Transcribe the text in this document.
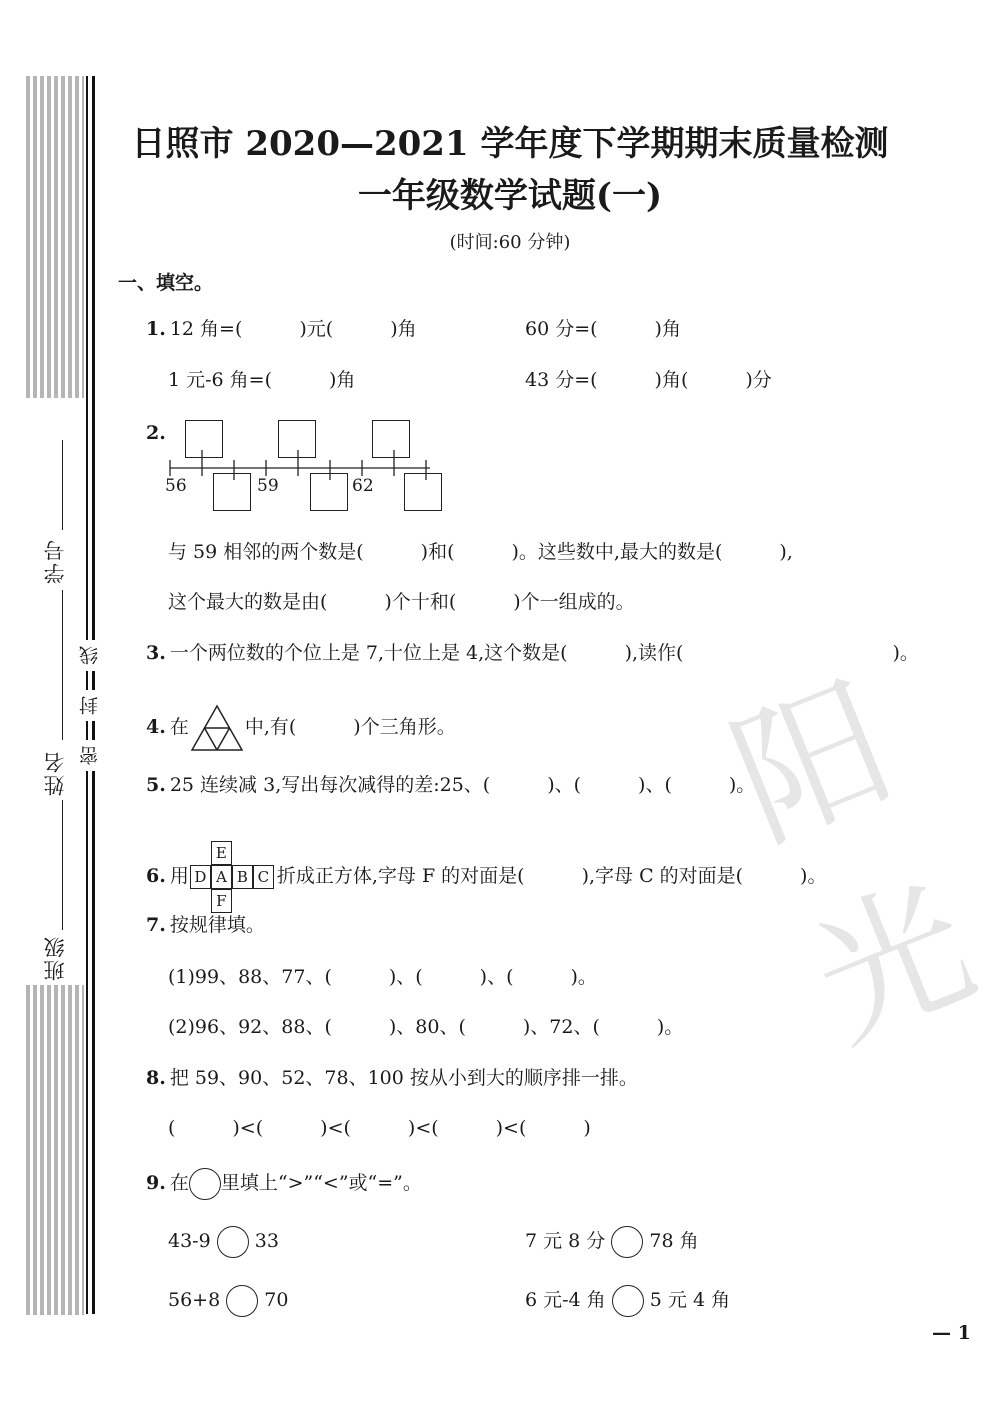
阳光
学号
姓名
班级
线
封
密
日照市 2020—2021 学年度下学期期末质量检测
一年级数学试题(一)
(时间:60 分钟)
一、填空。
1. 12 角=(　　　)元(　　　)角	60 分=(　　　)角
1 元-6 角=(　　　)角	43 分=(　　　)角(　　　)分
2.
56	59	62
与 59 相邻的两个数是(　　　)和(　　　)。这些数中,最大的数是(　　　),
这个最大的数是由(　　　)个十和(　　　)个一组成的。
3. 一个两位数的个位上是 7,十位上是 4,这个数是(　　　),读作(　　　　　　　　　　　)。
4. 在	中,有(　　　)个三角形。
5. 25 连续减 3,写出每次减得的差:25、(　　　)、(　　　)、(　　　)。
6. 用
E
D A B C
F
折成正方体,字母 F 的对面是(　　　),字母 C 的对面是(　　　)。
7. 按规律填。
(1)99、88、77、(　　　)、(　　　)、(　　　)。
(2)96、92、88、(　　　)、80、(　　　)、72、(　　　)。
8. 把 59、90、52、78、100 按从小到大的顺序排一排。
(　　　)<(　　　)<(　　　)<(　　　)<(　　　)
9. 在 里填上“>”“<”或“=”。
43-9 33	7 元 8 分 78 角
56+8 70	6 元-4 角 5 元 4 角
— 1
